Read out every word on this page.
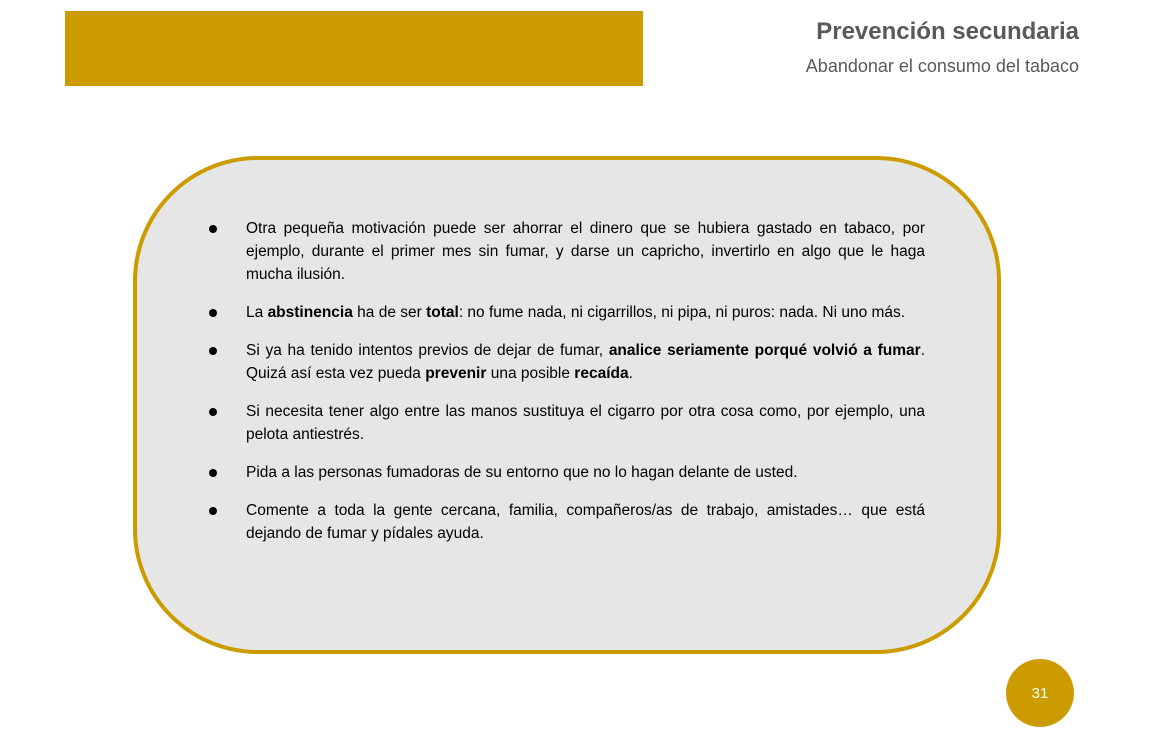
Prevención secundaria
Abandonar el consumo del tabaco
Otra pequeña motivación puede ser ahorrar el dinero que se hubiera gastado en tabaco, por ejemplo, durante el primer mes sin fumar, y darse un capricho, invertirlo en algo que le haga mucha ilusión.
La abstinencia ha de ser total: no fume nada, ni cigarrillos, ni pipa, ni puros: nada. Ni uno más.
Si ya ha tenido intentos previos de dejar de fumar, analice seriamente porqué volvió a fumar. Quizá así esta vez pueda prevenir una posible recaída.
Si necesita tener algo entre las manos sustituya el cigarro por otra cosa como, por ejemplo, una pelota antiestrés.
Pida a las personas fumadoras de su entorno que no lo hagan delante de usted.
Comente a toda la gente cercana, familia, compañeros/as de trabajo, amistades… que está dejando de fumar y pídales ayuda.
31
